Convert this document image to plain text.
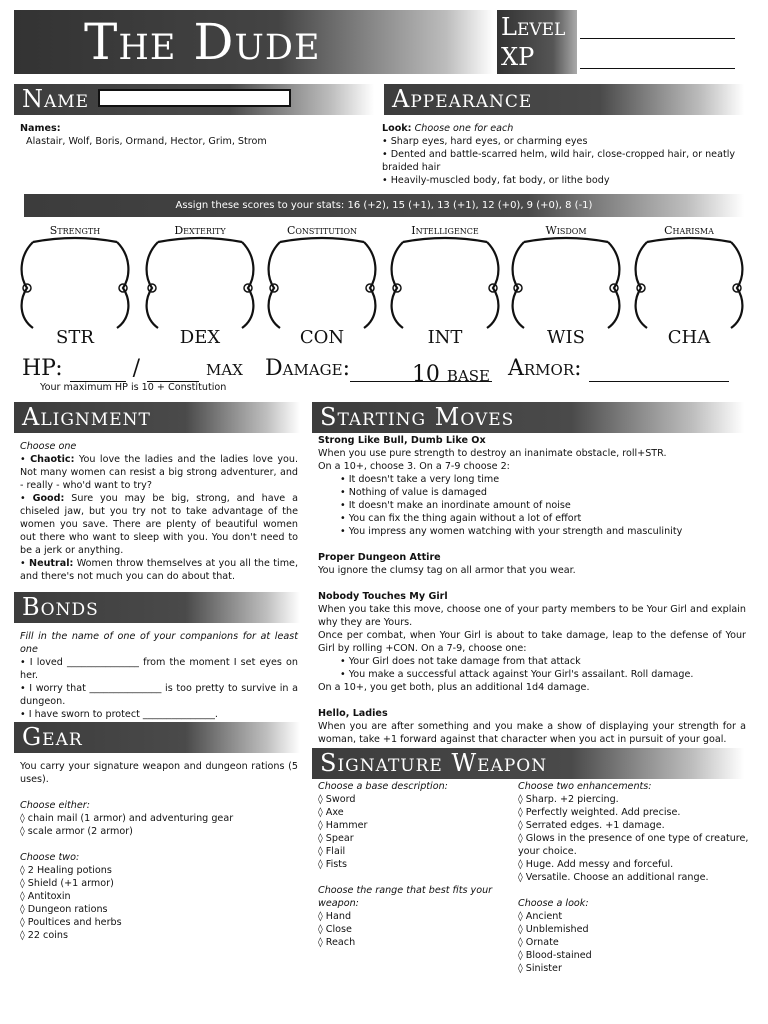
The Dude	Level
XP
Name
Names:
Alastair, Wolf, Boris, Ormand, Hector, Grim, Strom
Appearance
Look: Choose one for each
• Sharp eyes, hard eyes, or charming eyes
• Dented and battle-scarred helm, wild hair, close-cropped hair, or neatly braided hair
• Heavily-muscled body, fat body, or lithe body
Assign these scores to your stats: 16 (+2), 15 (+1), 13 (+1), 12 (+0), 9 (+0), 8 (-1)
Strength
STR
Dexterity
DEX
Constitution
CON
Intelligence
INT
Wisdom
WIS
Charisma
CHA
HP:	/	max
Your maximum HP is 10 + Constitution
Damage:	10 base Armor:
Alignment
Choose one
• Chaotic: You love the ladies and the ladies love you. Not many women can resist a big strong adventurer, and - really - who'd want to try?
• Good: Sure you may be big, strong, and have a chiseled jaw, but you try not to take advantage of the women you save. There are plenty of beautiful women out there who want to sleep with you. You don't need to be a jerk or anything.
• Neutral: Women throw themselves at you all the time, and there's not much you can do about that.
Bonds
Fill in the name of one of your companions for at least one
• I loved _______________ from the moment I set eyes on her.
• I worry that _______________ is too pretty to survive in a dungeon.
• I have sworn to protect _______________.
Gear
You carry your signature weapon and dungeon rations (5 uses).
Choose either:
◊ chain mail (1 armor) and adventuring gear
◊ scale armor (2 armor)
Choose two:
◊ 2 Healing potions
◊ Shield (+1 armor)
◊ Antitoxin
◊ Dungeon rations
◊ Poultices and herbs
◊ 22 coins
Starting Moves
Strong Like Bull, Dumb Like Ox
When you use pure strength to destroy an inanimate obstacle, roll+STR.
On a 10+, choose 3. On a 7-9 choose 2:
• It doesn't take a very long time
• Nothing of value is damaged
• It doesn't make an inordinate amount of noise
• You can fix the thing again without a lot of effort
• You impress any women watching with your strength and masculinity
Proper Dungeon Attire
You ignore the clumsy tag on all armor that you wear.
Nobody Touches My Girl
When you take this move, choose one of your party members to be Your Girl and explain why they are Yours.
Once per combat, when Your Girl is about to take damage, leap to the defense of Your Girl by rolling +CON. On a 7-9, choose one:
• Your Girl does not take damage from that attack
• You make a successful attack against Your Girl's assailant. Roll damage.
On a 10+, you get both, plus an additional 1d4 damage.
Hello, Ladies
When you are after something and you make a show of displaying your strength for a woman, take +1 forward against that character when you act in pursuit of your goal.
Signature Weapon
Choose a base description:
◊ Sword
◊ Axe
◊ Hammer
◊ Spear
◊ Flail
◊ Fists
Choose the range that best fits your weapon:
◊ Hand
◊ Close
◊ Reach
Choose two enhancements:
◊ Sharp. +2 piercing.
◊ Perfectly weighted. Add precise.
◊ Serrated edges. +1 damage.
◊ Glows in the presence of one type of creature, your choice.
◊ Huge. Add messy and forceful.
◊ Versatile. Choose an additional range.
Choose a look:
◊ Ancient
◊ Unblemished
◊ Ornate
◊ Blood-stained
◊ Sinister
